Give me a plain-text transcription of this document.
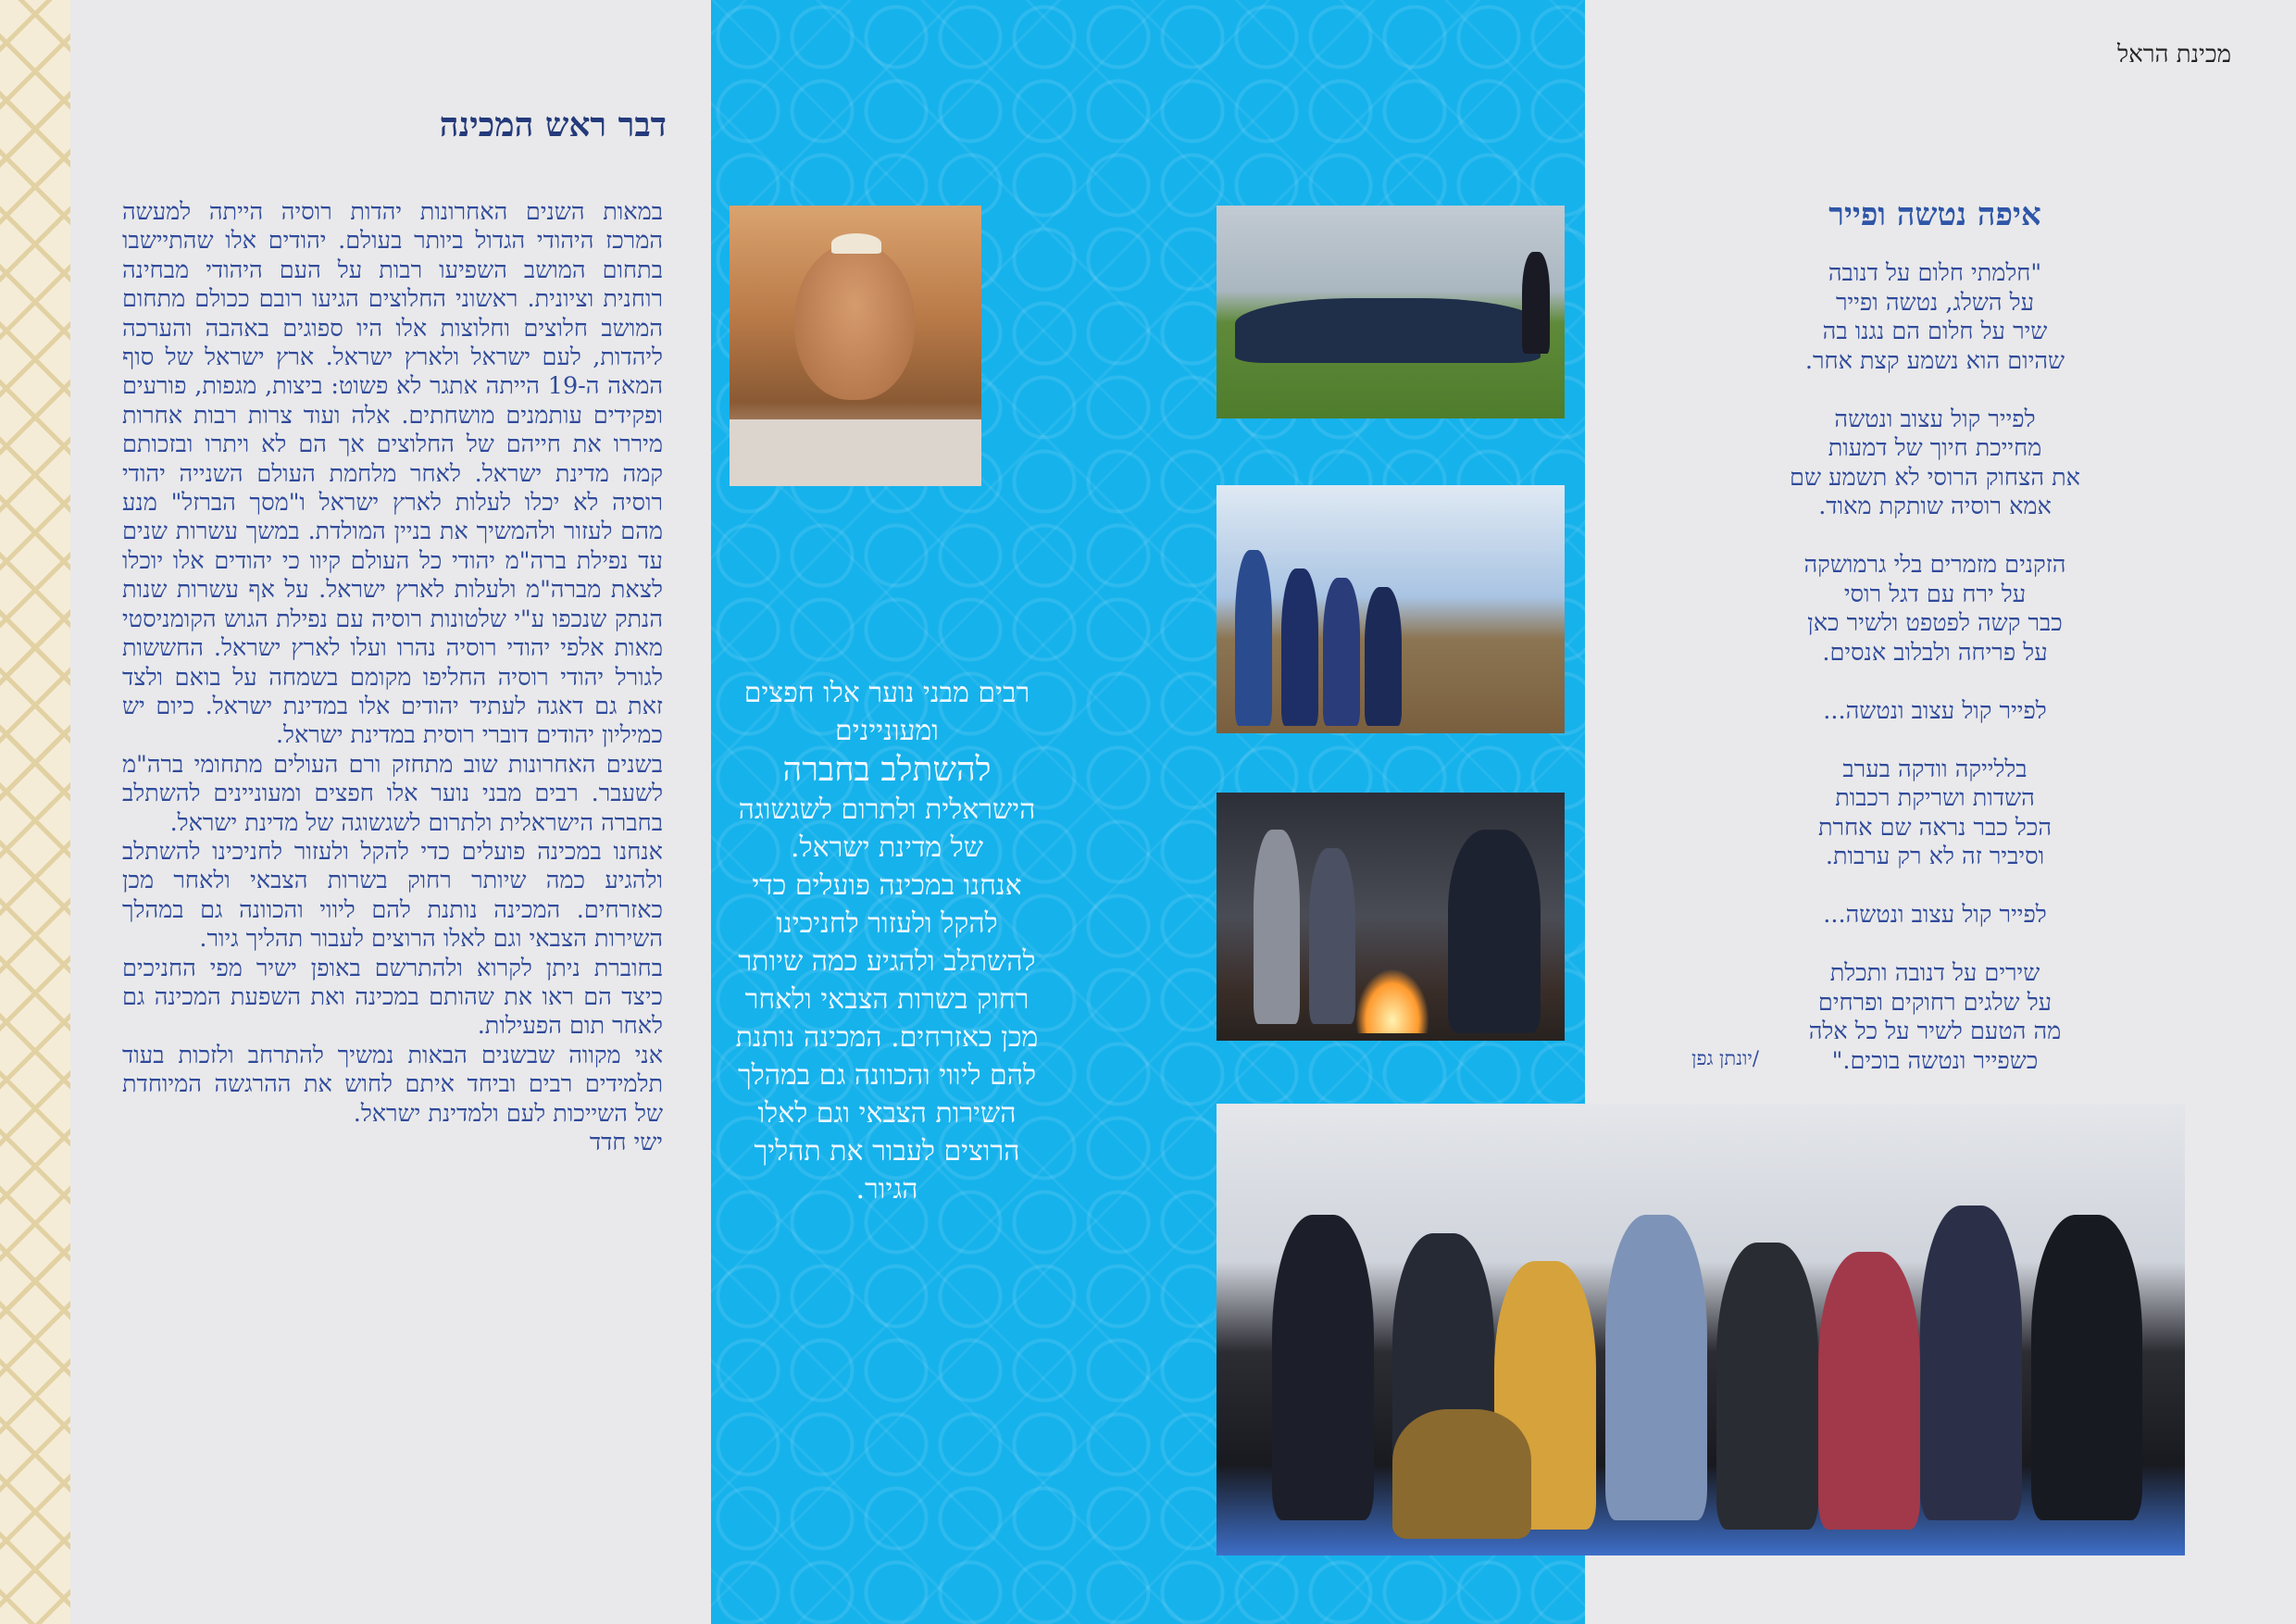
מכינת הראל
דבר ראש המכינה

במאות השנים האחרונות יהדות רוסיה הייתה למעשה המרכז היהודי הגדול ביותר בעולם. יהודים אלו שהתיישבו בתחום המושב השפיעו רבות על העם היהודי מבחינה רוחנית וציונית. ראשוני החלוצים הגיעו רובם ככולם מתחום המושב חלוצים וחלוצות אלו היו ספוגים באהבה והערכה ליהדות, לעם ישראל ולארץ ישראל. ארץ ישראל של סוף המאה ה-19 הייתה אתגר לא פשוט: ביצות, מגפות, פורעים ופקידים עותמנים מושחתים. אלה ועוד צרות רבות אחרות מיררו את חייהם של החלוצים אך הם לא ויתרו ובזכותם קמה מדינת ישראל. לאחר מלחמת העולם השנייה יהודי רוסיה לא יכלו לעלות לארץ ישראל ו"מסך הברזל" מנע מהם לעזור ולהמשיך את בניין המולדת. במשך עשרות שנים עד נפילת ברה"מ יהודי כל העולם קיוו כי יהודים אלו יוכלו לצאת מברה"מ ולעלות לארץ ישראל. על אף עשרות שנות הנתק שנכפו ע"י שלטונות רוסיה עם נפילת הגוש הקומניסטי מאות אלפי יהודי רוסיה נהרו ועלו לארץ ישראל. החששות לגורל יהודי רוסיה החליפו מקומם בשמחה על בואם ולצד זאת גם דאגה לעתיד יהודים אלו במדינת ישראל. כיום יש כמיליון יהודים דוברי רוסית במדינת ישראל.

בשנים האחרונות שוב מתחזק ורם העולים מתחומי ברה"מ לשעבר. רבים מבני נוער אלו חפצים ומעוניינים להשתלב בחברה הישראלית ולתרום לשגשוגה של מדינת ישראל.

אנחנו במכינה פועלים כדי להקל ולעזור לחניכינו להשתלב ולהגיע כמה שיותר רחוק בשרות הצבאי ולאחר מכן כאזרחים. המכינה נותנת להם ליווי והכוונה גם במהלך השירות הצבאי וגם לאלו הרוצים לעבור תהליך גיור.

בחוברת ניתן לקרוא ולהתרשם באופן ישיר מפי החניכים כיצד הם ראו את שהותם במכינה ואת השפעת המכינה גם לאחר תום הפעילות.

אני מקווה שבשנים הבאות נמשיך להתרחב ולזכות בעוד תלמידים רבים וביחד איתם לחוש את ההרגשה המיוחדת של השייכות לעם ולמדינת ישראל.

ישי חדד

רבים מבני נוער אלו חפצים ומעוניינים
להשתלב בחברה
הישראלית ולתרום לשגשוגה של מדינת ישראל.
אנחנו במכינה פועלים כדי להקל ולעזור לחניכינו להשתלב ולהגיע כמה שיותר רחוק בשרות הצבאי ולאחר מכן כאזרחים. המכינה נותנת להם ליווי והכוונה גם במהלך השירות הצבאי וגם לאלו הרוצים לעבור את תהליך הגיור.
איפה נטשה ופייר
"חלמתי חלום על דנובה
על השלג, נטשה ופייר
שיר על חלום הם נגנו בה
שהיום הוא נשמע קצת אחר.
לפייר קול עצוב ונטשה
מחייכת חיוך של דמעות
את הצחוק הרוסי לא תשמע שם
אמא רוסיה שותקת מאוד.
הזקנים מזמרים בלי גרמושקה
על ירח עם דגל רוסי
כבר קשה לפטפט ולשיר כאן
על פריחה ולבלוב אנסים.
לפייר קול עצוב ונטשה...
בללייקה וודקה בערב
השדות ושריקת רכבות
הכל כבר נראה שם אחרת
וסיביר זה לא רק ערבות.
לפייר קול עצוב ונטשה...
שירים על דנובה ותכלת
על שלגים רחוקים ופרחים
מה הטעם לשיר על כל אלה
כשפייר ונטשה בוכים."
/יונתן גפן
